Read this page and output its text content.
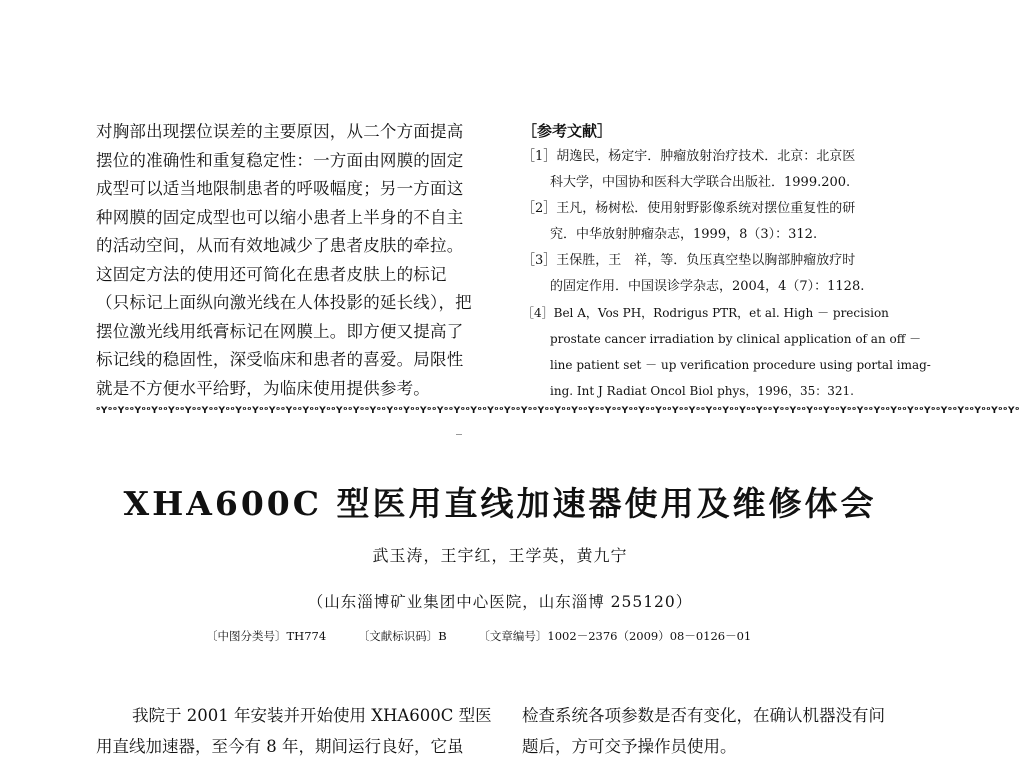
对胸部出现摆位误差的主要原因，从二个方面提高
摆位的准确性和重复稳定性：一方面由网膜的固定
成型可以适当地限制患者的呼吸幅度；另一方面这
种网膜的固定成型也可以缩小患者上半身的不自主
的活动空间，从而有效地减少了患者皮肤的牵拉。
这固定方法的使用还可简化在患者皮肤上的标记
（只标记上面纵向激光线在人体投影的延长线），把
摆位激光线用纸膏标记在网膜上。即方便又提高了
标记线的稳固性，深受临床和患者的喜爱。局限性
就是不方便水平给野，为临床使用提供参考。
［参考文献］
［1］胡逸民，杨定宇．肿瘤放射治疗技术．北京：北京医
科大学，中国协和医科大学联合出版社．1999.200.
［2］王凡，杨树松．使用射野影像系统对摆位重复性的研
究．中华放射肿瘤杂志，1999，8（3）：312.
［3］王保胜，王　祥，等．负压真空垫以胸部肿瘤放疗时
的固定作用．中国误诊学杂志，2004，4（7）：1128.
［4］Bel A，Vos PH，Rodrigus PTR，et al. High － precision
prostate cancer irradiation by clinical application of an off －
line patient set － up verification procedure using portal imag-
ing. Int J Radiat Oncol Biol phys，1996，35：321.
ᵒYᵒᵒYᵒᵒYᵒᵒYᵒᵒYᵒᵒYᵒᵒYᵒᵒYᵒᵒYᵒᵒYᵒᵒYᵒᵒYᵒᵒYᵒᵒYᵒᵒYᵒᵒYᵒᵒYᵒᵒYᵒᵒYᵒᵒYᵒᵒYᵒᵒYᵒᵒYᵒᵒYᵒᵒYᵒᵒYᵒᵒYᵒᵒYᵒᵒYᵒᵒYᵒᵒYᵒᵒYᵒᵒYᵒᵒYᵒᵒYᵒᵒYᵒᵒYᵒᵒYᵒᵒYᵒᵒYᵒᵒYᵒᵒYᵒᵒYᵒᵒYᵒᵒYᵒᵒYᵒᵒYᵒᵒYᵒᵒYᵒᵒYᵒᵒYᵒᵒYᵒᵒYᵒᵒYᵒᵒYᵒ
XHA600C 型医用直线加速器使用及维修体会
武玉涛，王宇红，王学英，黄九宁
（山东淄博矿业集团中心医院，山东淄博 255120）
〔中图分类号〕TH774	〔文献标识码〕B	〔文章编号〕1002－2376（2009）08－0126－01
我院于 2001 年安装并开始使用 XHA600C 型医
用直线加速器，至今有 8 年，期间运行良好，它虽
检查系统各项参数是否有变化，在确认机器没有问
题后，方可交予操作员使用。
